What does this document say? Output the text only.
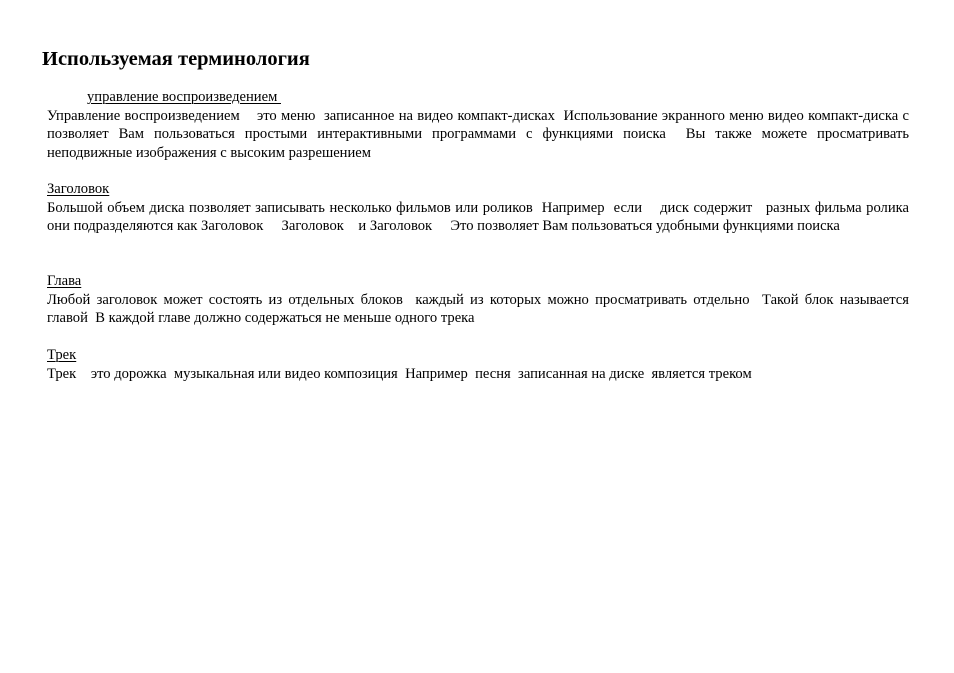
Используемая терминология
управление воспроизведением

Управление воспроизведением    это меню  записанное на видео компакт-дисках  Использование экранного меню видео компакт-диска с            позволяет Вам пользоваться простыми интерактивными программами с функциями поиска  Вы также можете просматривать неподвижные изображения с высоким разрешением

Заголовок

Большой объем диска позволяет записывать несколько фильмов или роликов  Например  если    диск содержит   разных фильма ролика   они подразделяются как Заголовок     Заголовок    и Заголовок     Это позволяет Вам пользоваться удобными функциями поиска

Глава

Любой заголовок может состоять из отдельных блоков  каждый из которых можно просматривать отдельно  Такой блок называется главой  В каждой главе должно содержаться не меньше одного трека

Трек

Трек    это дорожка  музыкальная или видео композиция  Например  песня  записанная на диске  является треком
